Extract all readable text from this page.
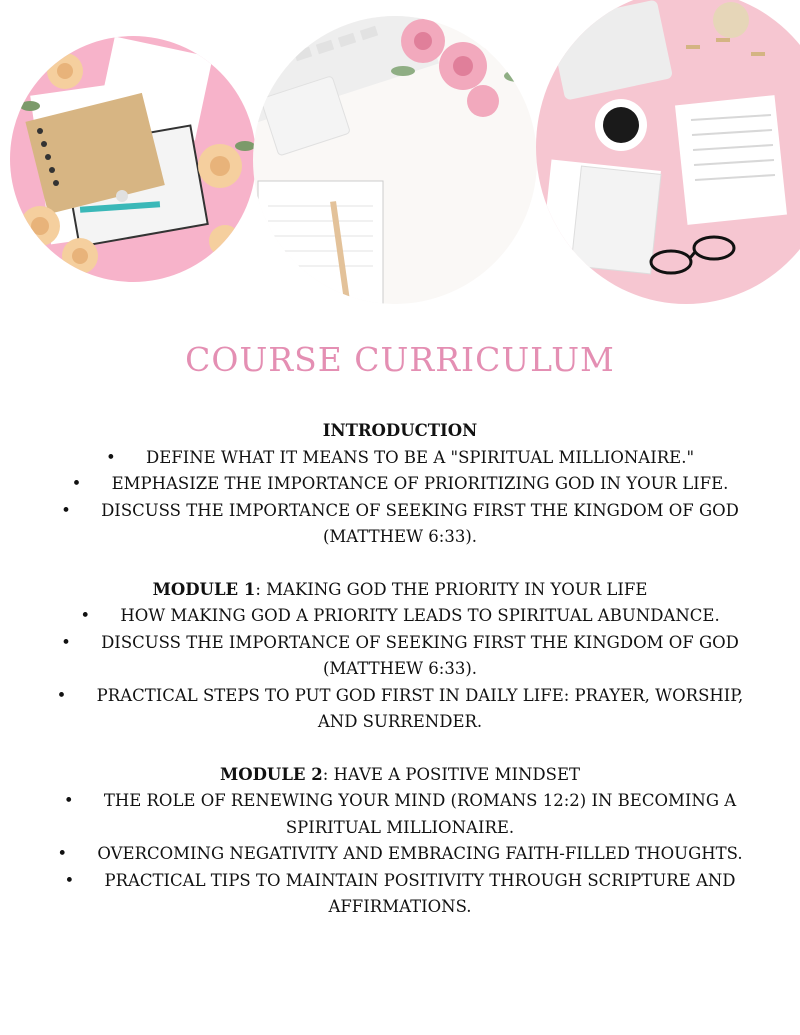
COURSE CURRICULUM

INTRODUCTION

• DEFINE WHAT IT MEANS TO BE A "SPIRITUAL MILLIONAIRE."

• EMPHASIZE THE IMPORTANCE OF PRIORITIZING GOD IN YOUR LIFE.

• DISCUSS THE IMPORTANCE OF SEEKING FIRST THE KINGDOM OF GOD (MATTHEW 6:33).

MODULE 1: MAKING GOD THE PRIORITY IN YOUR LIFE

• HOW MAKING GOD A PRIORITY LEADS TO SPIRITUAL ABUNDANCE.

• DISCUSS THE IMPORTANCE OF SEEKING FIRST THE KINGDOM OF GOD (MATTHEW 6:33).

• PRACTICAL STEPS TO PUT GOD FIRST IN DAILY LIFE: PRAYER, WORSHIP, AND SURRENDER.

MODULE 2: HAVE A POSITIVE MINDSET

• THE ROLE OF RENEWING YOUR MIND (ROMANS 12:2) IN BECOMING A SPIRITUAL MILLIONAIRE.

• OVERCOMING NEGATIVITY AND EMBRACING FAITH-FILLED THOUGHTS.

• PRACTICAL TIPS TO MAINTAIN POSITIVITY THROUGH SCRIPTURE AND AFFIRMATIONS.
